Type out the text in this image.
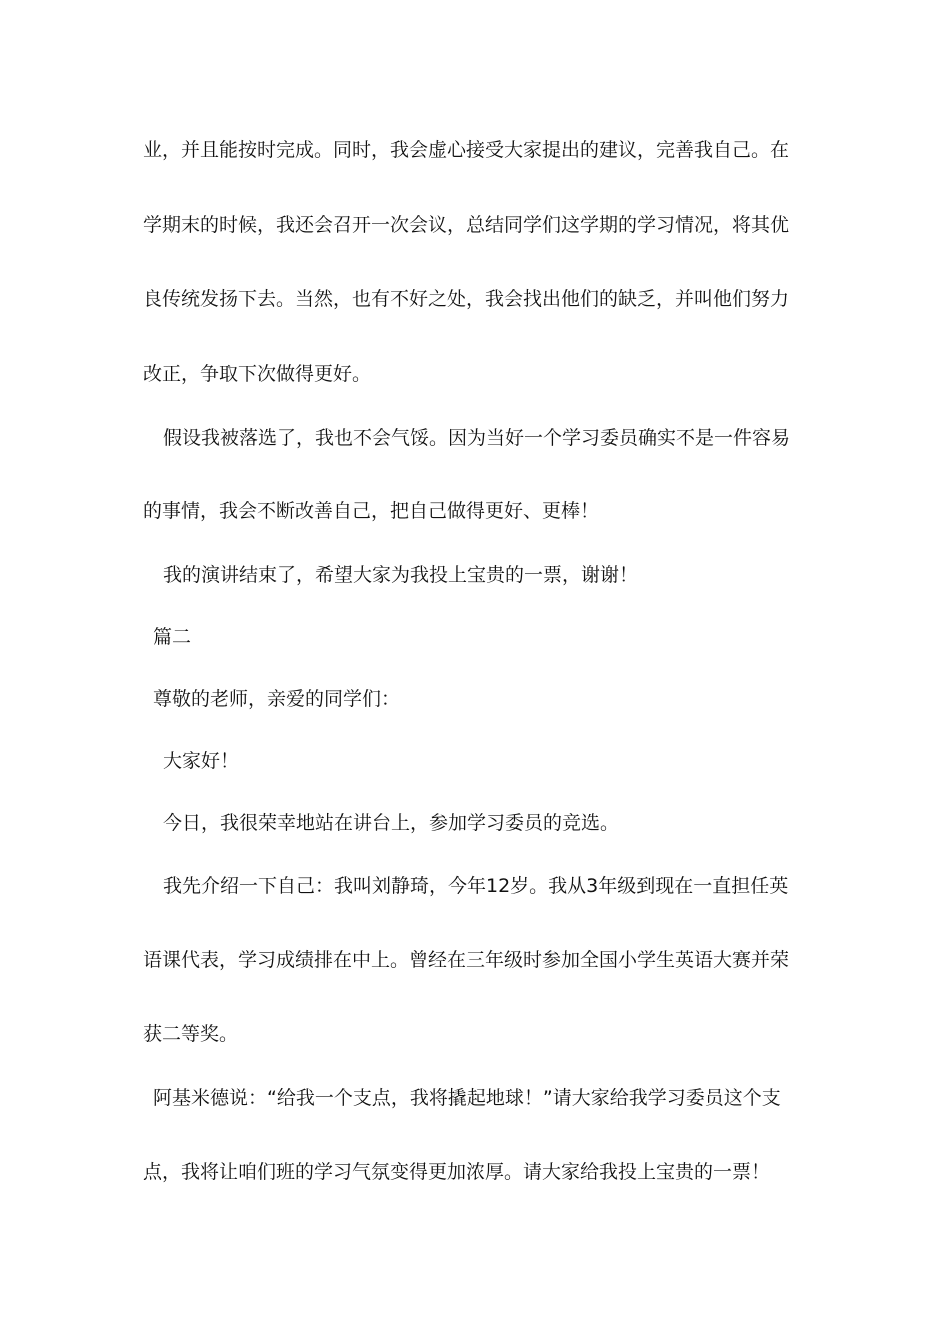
业，并且能按时完成。同时，我会虚心接受大家提出的建议，完善我自己。在
学期末的时候，我还会召开一次会议，总结同学们这学期的学习情况，将其优
良传统发扬下去。当然，也有不好之处，我会找出他们的缺乏，并叫他们努力
改正，争取下次做得更好。
假设我被落选了，我也不会气馁。因为当好一个学习委员确实不是一件容易
的事情，我会不断改善自己，把自己做得更好、更棒！
我的演讲结束了，希望大家为我投上宝贵的一票，谢谢！
篇二
尊敬的老师，亲爱的同学们：
大家好！
今日，我很荣幸地站在讲台上，参加学习委员的竞选。
我先介绍一下自己：我叫刘静琦，今年12岁。我从3年级到现在一直担任英
语课代表，学习成绩排在中上。曾经在三年级时参加全国小学生英语大赛并荣
获二等奖。
阿基米德说：“给我一个支点，我将撬起地球！”请大家给我学习委员这个支
点，我将让咱们班的学习气氛变得更加浓厚。请大家给我投上宝贵的一票！
